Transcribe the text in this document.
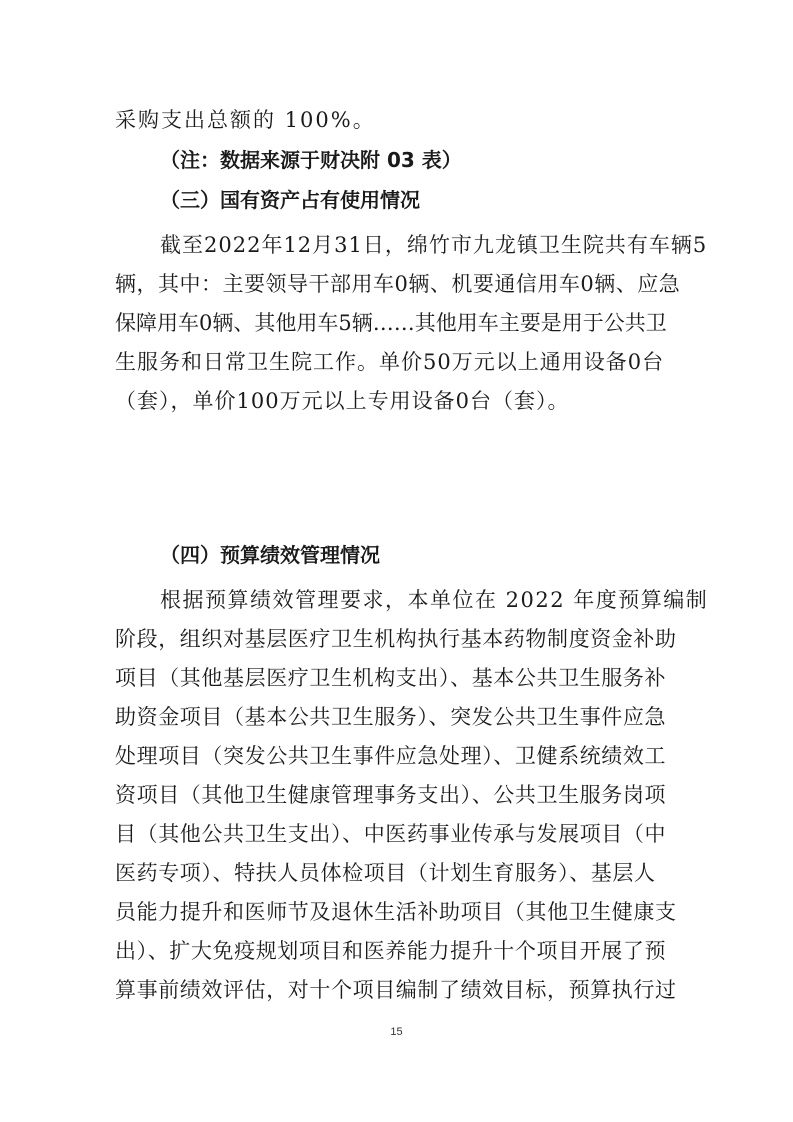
采购支出总额的 100%。
（注：数据来源于财决附 03 表）
（三）国有资产占有使用情况
截至2022年12月31日，绵竹市九龙镇卫生院共有车辆5
辆，其中：主要领导干部用车0辆、机要通信用车0辆、应急
保障用车0辆、其他用车5辆……其他用车主要是用于公共卫
生服务和日常卫生院工作。单价50万元以上通用设备0台
（套），单价100万元以上专用设备0台（套）。
（四）预算绩效管理情况
根据预算绩效管理要求，本单位在 2022 年度预算编制
阶段，组织对基层医疗卫生机构执行基本药物制度资金补助
项目（其他基层医疗卫生机构支出）、基本公共卫生服务补
助资金项目（基本公共卫生服务）、突发公共卫生事件应急
处理项目（突发公共卫生事件应急处理）、卫健系统绩效工
资项目（其他卫生健康管理事务支出）、公共卫生服务岗项
目（其他公共卫生支出）、中医药事业传承与发展项目（中
医药专项）、特扶人员体检项目（计划生育服务）、基层人
员能力提升和医师节及退休生活补助项目（其他卫生健康支
出）、扩大免疫规划项目和医养能力提升十个项目开展了预
算事前绩效评估，对十个项目编制了绩效目标，预算执行过
15
